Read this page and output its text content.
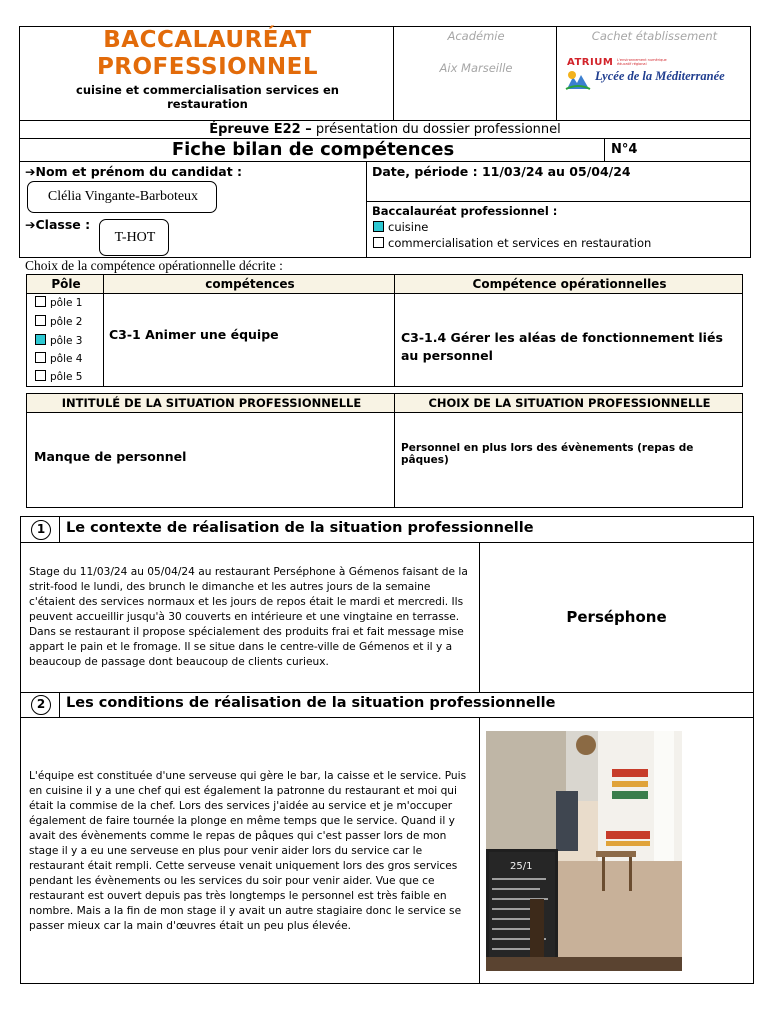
BACCALAURÉAT
PROFESSIONNEL
cuisine et commercialisation services en restauration
Académie
Aix Marseille
Cachet établissement
ATRIUM L'environnement numérique éducatif régional
Lycée de la Méditerranée
Épreuve E22 – présentation du dossier professionnel
Fiche bilan de compétences	N°4
➔Nom et prénom du candidat :
Clélia Vingante-Barboteux
➔Classe :
T-HOT
Date, période : 11/03/24 au 05/04/24
Baccalauréat professionnel :
cuisine
commercialisation et services en restauration
Choix de la compétence opérationnelle décrite :
Pôle	compétences	Compétence opérationnelles
pôle 1
pôle 2
pôle 3
pôle 4
pôle 5
C3-1 Animer une équipe	C3-1.4 Gérer les aléas de fonctionnement liés au personnel
INTITULÉ DE LA SITUATION PROFESSIONNELLE	CHOIX DE LA SITUATION PROFESSIONNELLE
Manque de personnel
Personnel en plus lors des évènements (repas de pâques)
1	Le contexte de réalisation de la situation professionnelle
Stage du 11/03/24 au 05/04/24 au restaurant Perséphone à Gémenos faisant de la strit-food le lundi, des brunch le dimanche et les autres jours de la semaine c'étaient des services normaux et les jours de repos était le mardi et mercredi. Ils peuvent accueillir jusqu'à 30 couverts en intérieure et une vingtaine en terrasse. Dans se restaurant il propose spécialement des produits frai et fait message mise appart le pain et le fromage. Il se situe dans le centre-ville de Gémenos et il y a beaucoup de passage dont beaucoup de clients curieux.
Perséphone
2	Les conditions de réalisation de la situation professionnelle
L'équipe est constituée d'une serveuse qui gère le bar, la caisse et le service. Puis en cuisine il y a une chef qui est également la patronne du restaurant et moi qui était la commise de la chef. Lors des services j'aidée au service et je m'occuper également de faire tournée la plonge en même temps que le service. Quand il y avait des évènements comme le repas de pâques qui c'est passer lors de mon stage il y a eu une serveuse en plus pour venir aider lors du service car le restaurant était rempli. Cette serveuse venait uniquement lors des gros services pendant les évènements ou les services du soir pour venir aider. Vue que ce restaurant est ouvert depuis pas très longtemps le personnel est très faible en nombre. Mais a la fin de mon stage il y avait un autre stagiaire donc le service se passer mieux car la main d'œuvres était un peu plus élevée.
25/1
